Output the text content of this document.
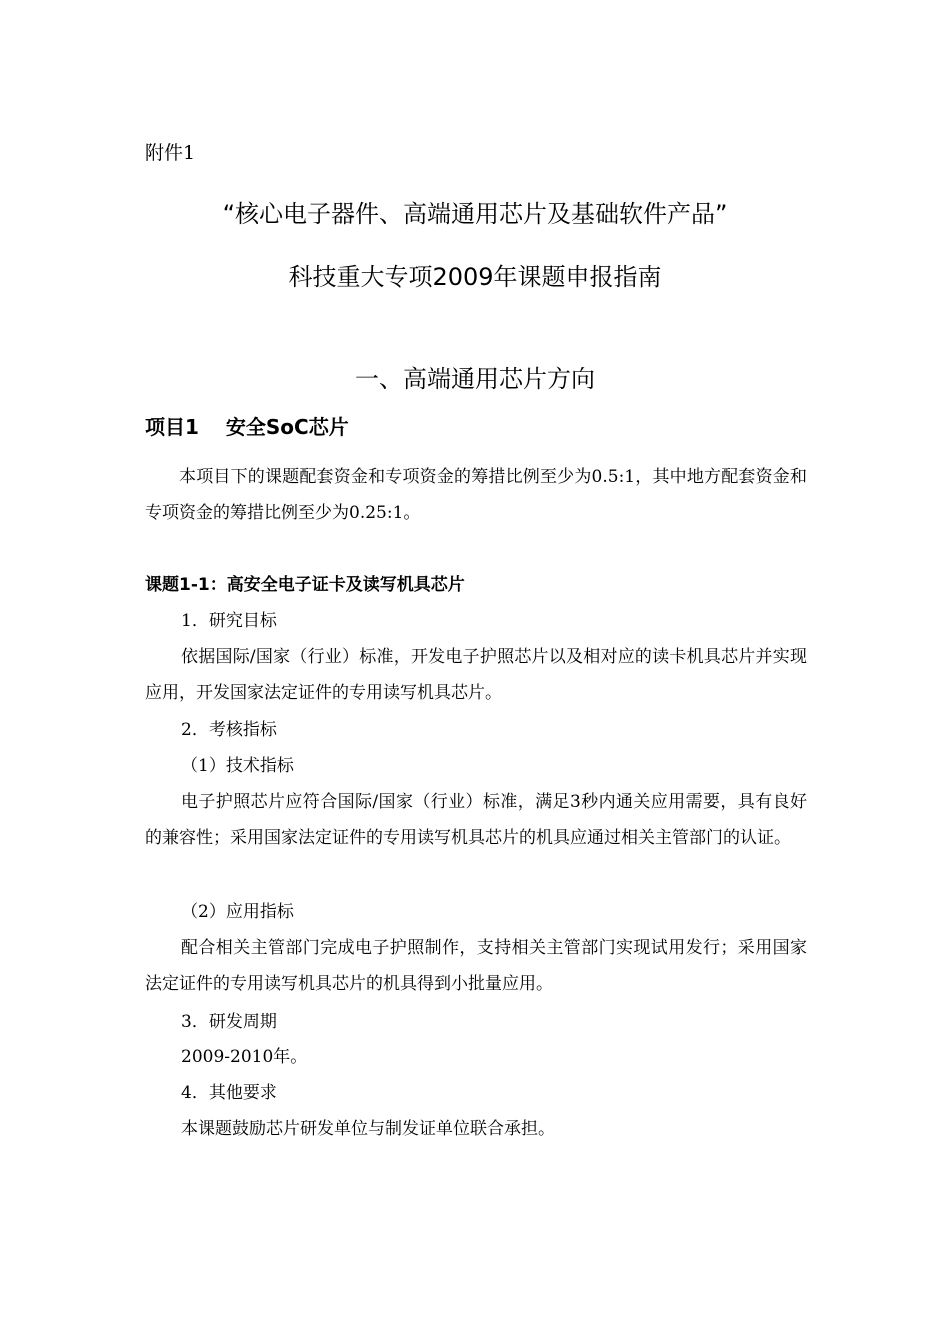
附件1
“核心电子器件、高端通用芯片及基础软件产品”
科技重大专项2009年课题申报指南
一、高端通用芯片方向
项目1　 安全SoC芯片
本项目下的课题配套资金和专项资金的筹措比例至少为0.5:1，其中地方配套资金和专项资金的筹措比例至少为0.25:1。
课题1-1：高安全电子证卡及读写机具芯片
1．研究目标
依据国际/国家（行业）标准，开发电子护照芯片以及相对应的读卡机具芯片并实现应用，开发国家法定证件的专用读写机具芯片。
2．考核指标
（1）技术指标
电子护照芯片应符合国际/国家（行业）标准，满足3秒内通关应用需要，具有良好的兼容性；采用国家法定证件的专用读写机具芯片的机具应通过相关主管部门的认证。
（2）应用指标
配合相关主管部门完成电子护照制作，支持相关主管部门实现试用发行；采用国家法定证件的专用读写机具芯片的机具得到小批量应用。
3．研发周期
2009-2010年。
4．其他要求
本课题鼓励芯片研发单位与制发证单位联合承担。
